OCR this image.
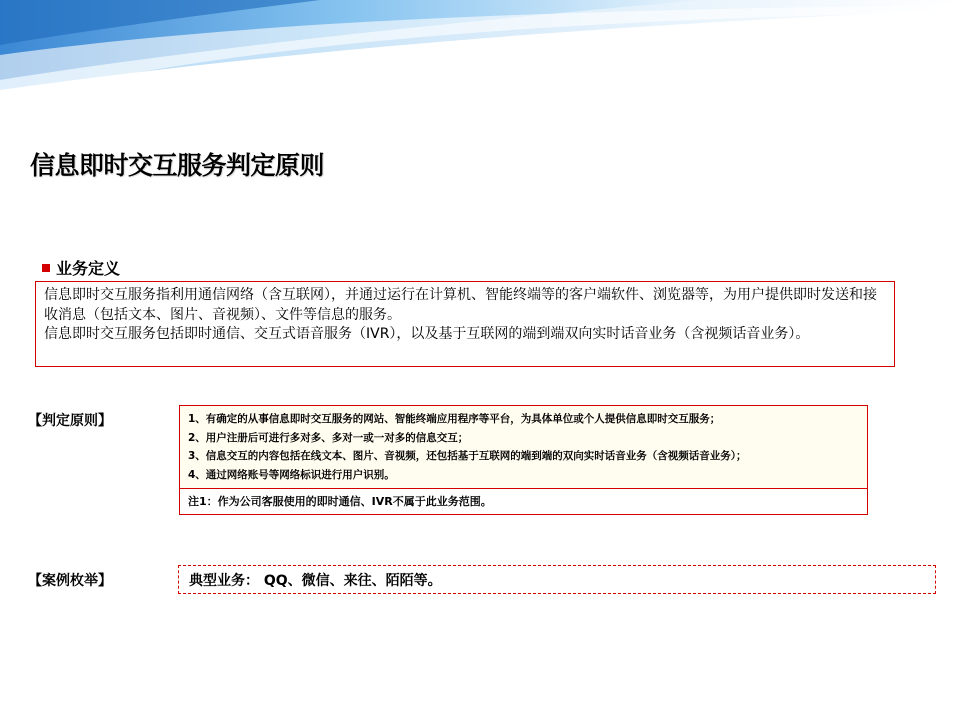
信息即时交互服务判定原则
业务定义

信息即时交互服务指利用通信网络（含互联网），并通过运行在计算机、智能终端等的客户端软件、浏览器等，为用户提供即时发送和接收消息（包括文本、图片、音视频）、文件等信息的服务。

信息即时交互服务包括即时通信、交互式语音服务（IVR），以及基于互联网的端到端双向实时话音业务（含视频话音业务）。

【判定原则】	1、有确定的从事信息即时交互服务的网站、智能终端应用程序等平台，为具体单位或个人提供信息即时交互服务；
2、用户注册后可进行多对多、多对一或一对多的信息交互；
3、信息交互的内容包括在线文本、图片、音视频，还包括基于互联网的端到端的双向实时话音业务（含视频话音业务）；
4、通过网络账号等网络标识进行用户识别。
注1：作为公司客服使用的即时通信、IVR不属于此业务范围。
【案例枚举】	典型业务： QQ、微信、来往、陌陌等。
